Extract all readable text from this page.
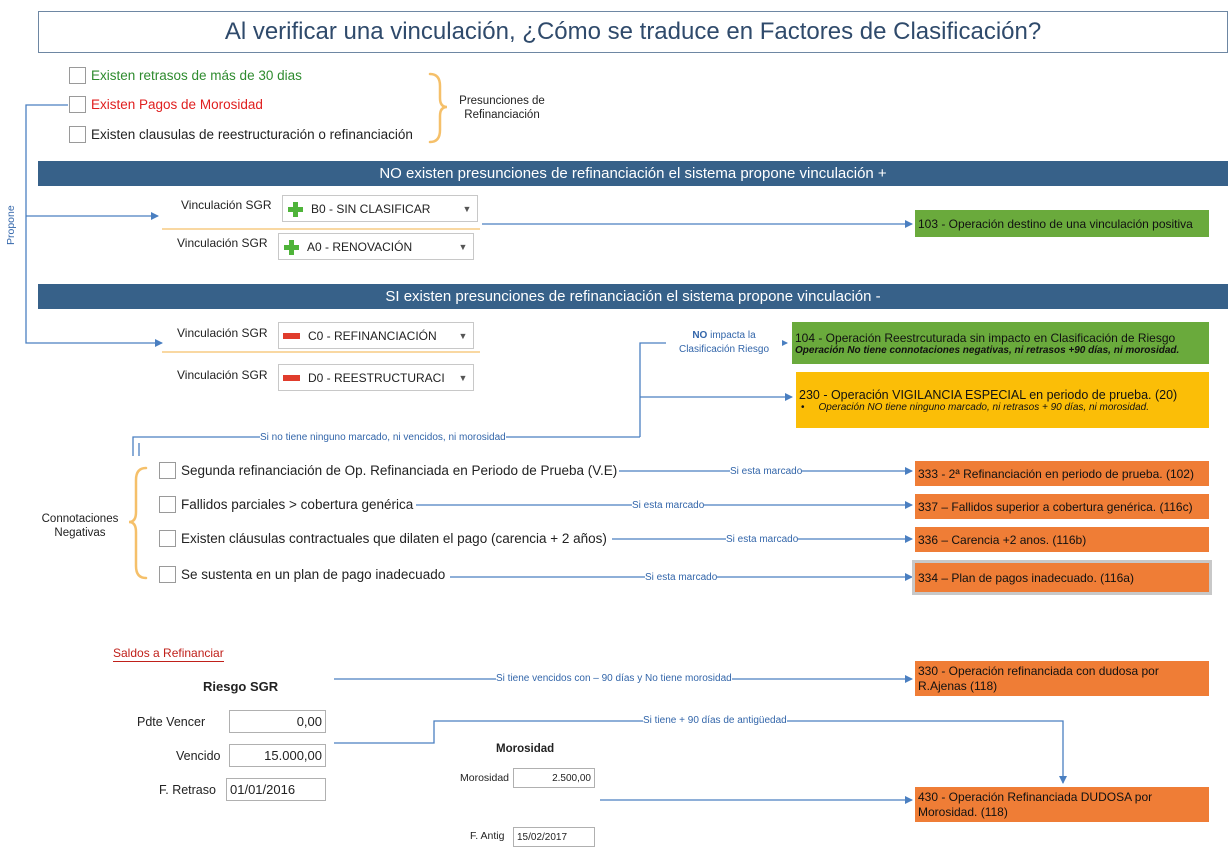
Al verificar una vinculación, ¿Cómo se traduce en Factores de Clasificación?
Existen retrasos de más de 30 dias
Existen Pagos de Morosidad
Existen clausulas de reestructuración o refinanciación
Presunciones de Refinanciación
Propone
NO existen presunciones de refinanciación el sistema propone vinculación +
Vinculación SGR	B0 - SIN CLASIFICAR	▼
Vinculación SGR	A0 - RENOVACIÓN	▼
103 - Operación destino de una vinculación positiva
SI existen presunciones de refinanciación el sistema propone vinculación -
Vinculación SGR	C0 - REFINANCIACIÓN	▼
Vinculación SGR	D0 - REESTRUCTURACI	▼
NO impacta la
Clasificación Riesgo
104 - Operación Reestrcuturada sin impacto en Clasificación de Riesgo
Operación No tiene connotaciones negativas, ni retrasos +90 días, ni morosidad.
230 - Operación VIGILANCIA ESPECIAL en periodo de prueba. (20)
• Operación NO tiene ninguno marcado, ni retrasos + 90 días, ni morosidad.
Si no tiene ninguno marcado, ni vencidos, ni morosidad
Connotaciones Negativas
Segunda refinanciación de Op. Refinanciada en Periodo de Prueba (V.E)
Fallidos parciales > cobertura genérica
Existen cláusulas contractuales que dilaten el pago (carencia + 2 años)
Se sustenta en un plan de pago inadecuado
Si esta marcado
Si esta marcado
Si esta marcado
Si esta marcado
333 - 2ª Refinanciación en periodo de prueba. (102)
337 – Fallidos superior a cobertura genérica. (116c)
336 – Carencia +2 anos. (116b)
334 – Plan de pagos inadecuado. (116a)
Saldos a Refinanciar
Riesgo SGR
Pdte Vencer	0,00
Vencido	15.000,00
F. Retraso	01/01/2016
Morosidad
Morosidad	2.500,00
F. Antig	15/02/2017
Si tiene vencidos con – 90 días y No tiene morosidad
Si tiene + 90 días de antigüedad
330 - Operación refinanciada con dudosa por R.Ajenas (118)
430 - Operación Refinanciada DUDOSA por Morosidad. (118)
